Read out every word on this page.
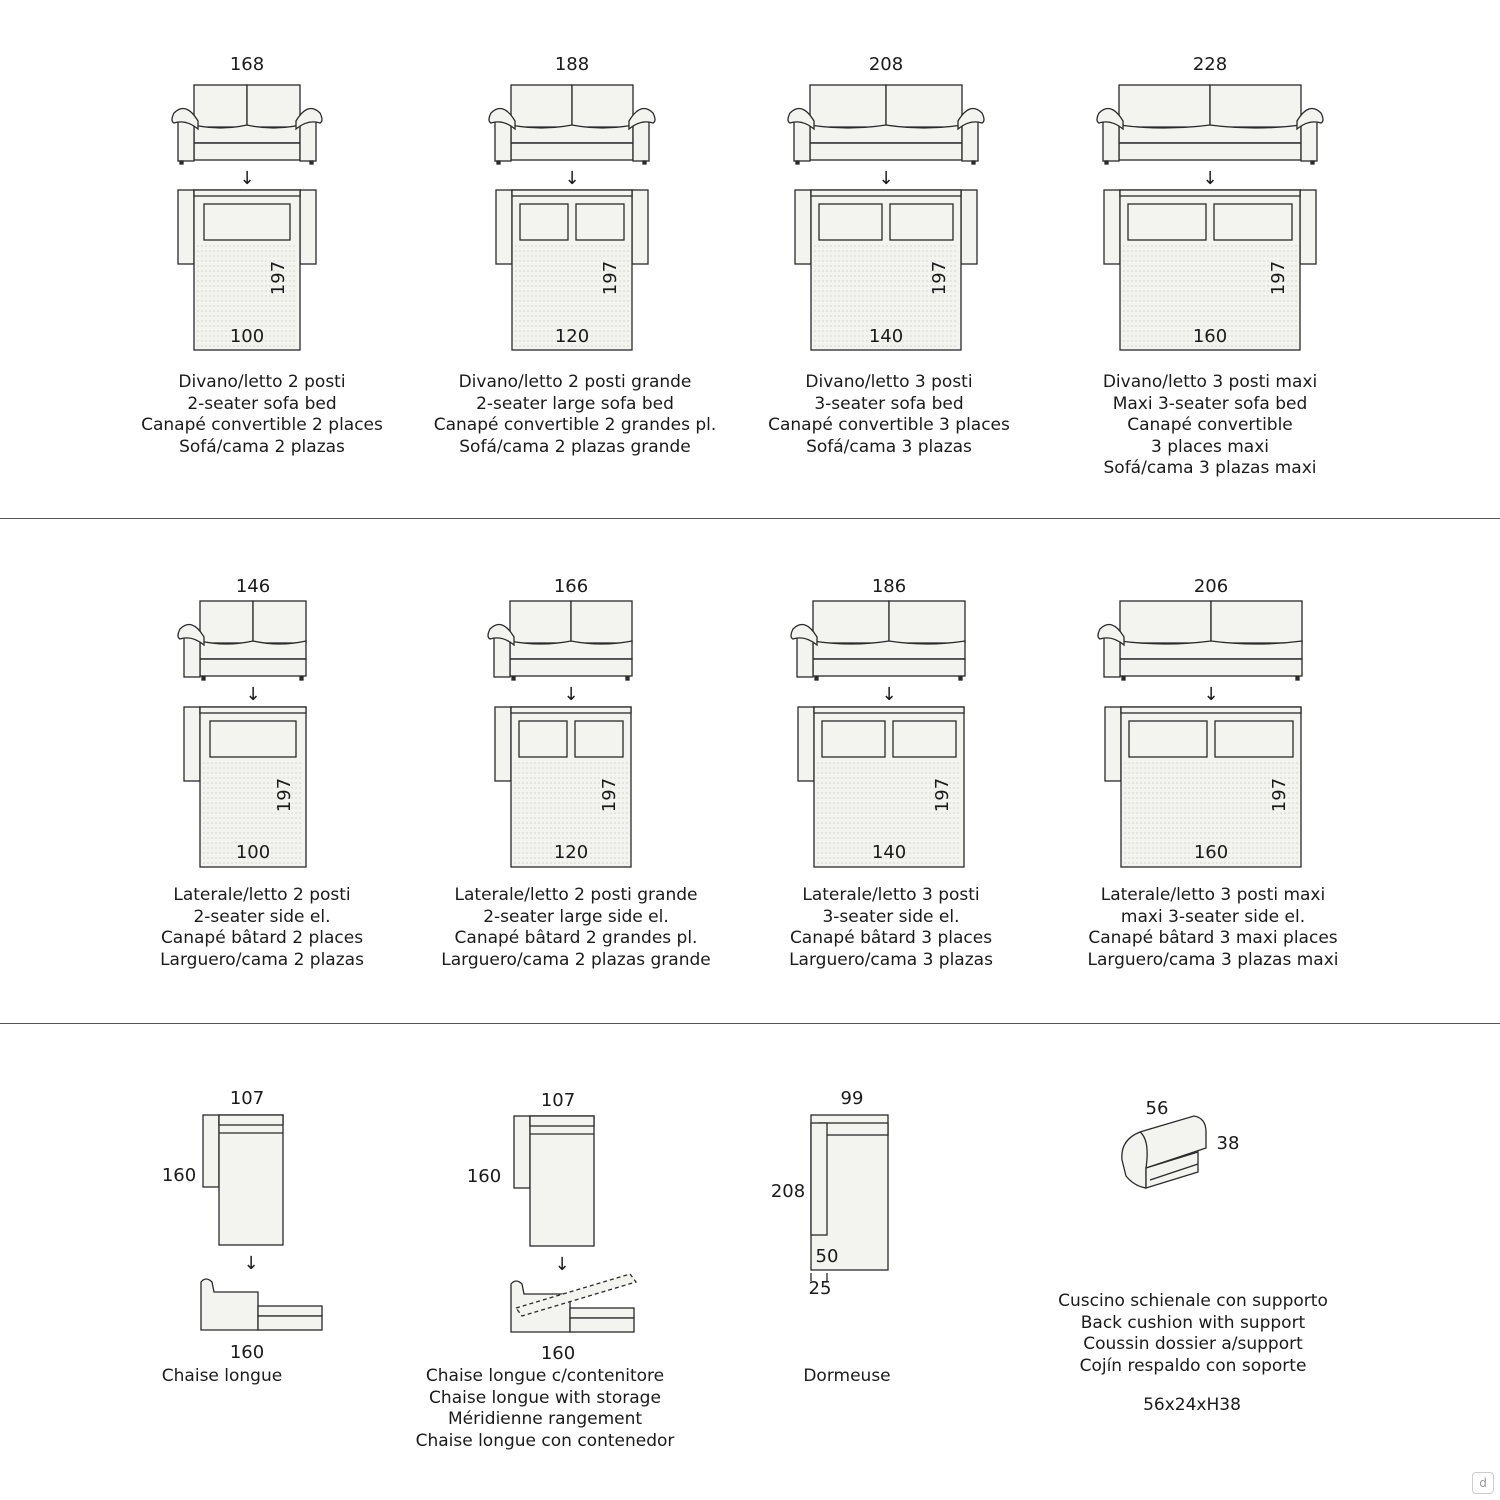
168
↓
100
197
188
↓
120
197
208
↓
140
197
228
↓
160
197
146
↓
100
197
166
↓
120
197
186
↓
140
197
206
↓
160
197
107
160
↓
160
107
160
↓
160
99
208
50
25
56
38
Divano/letto 2 posti
2-seater sofa bed
Canapé convertible 2 places
Sofá/cama 2 plazas
Divano/letto 2 posti grande
2-seater large sofa bed
Canapé convertible 2 grandes pl.
Sofá/cama 2 plazas grande
Divano/letto 3 posti
3-seater sofa bed
Canapé convertible 3 places
Sofá/cama 3 plazas
Divano/letto 3 posti maxi
Maxi 3-seater sofa bed
Canapé convertible
3 places maxi
Sofá/cama 3 plazas maxi
Laterale/letto 2 posti
2-seater side el.
Canapé bâtard 2 places
Larguero/cama 2 plazas
Laterale/letto 2 posti grande
2-seater large side el.
Canapé bâtard 2 grandes pl.
Larguero/cama 2 plazas grande
Laterale/letto 3 posti
3-seater side el.
Canapé bâtard 3 places
Larguero/cama 3 plazas
Laterale/letto 3 posti maxi
maxi 3-seater side el.
Canapé bâtard 3 maxi places
Larguero/cama 3 plazas maxi
Chaise longue	Chaise longue c/contenitore
Chaise longue with storage
Méridienne rangement
Chaise longue con contenedor
Dormeuse
Cuscino schienale con supporto
Back cushion with support
Coussin dossier a/support
Cojín respaldo con soporte
56x24xH38
d
